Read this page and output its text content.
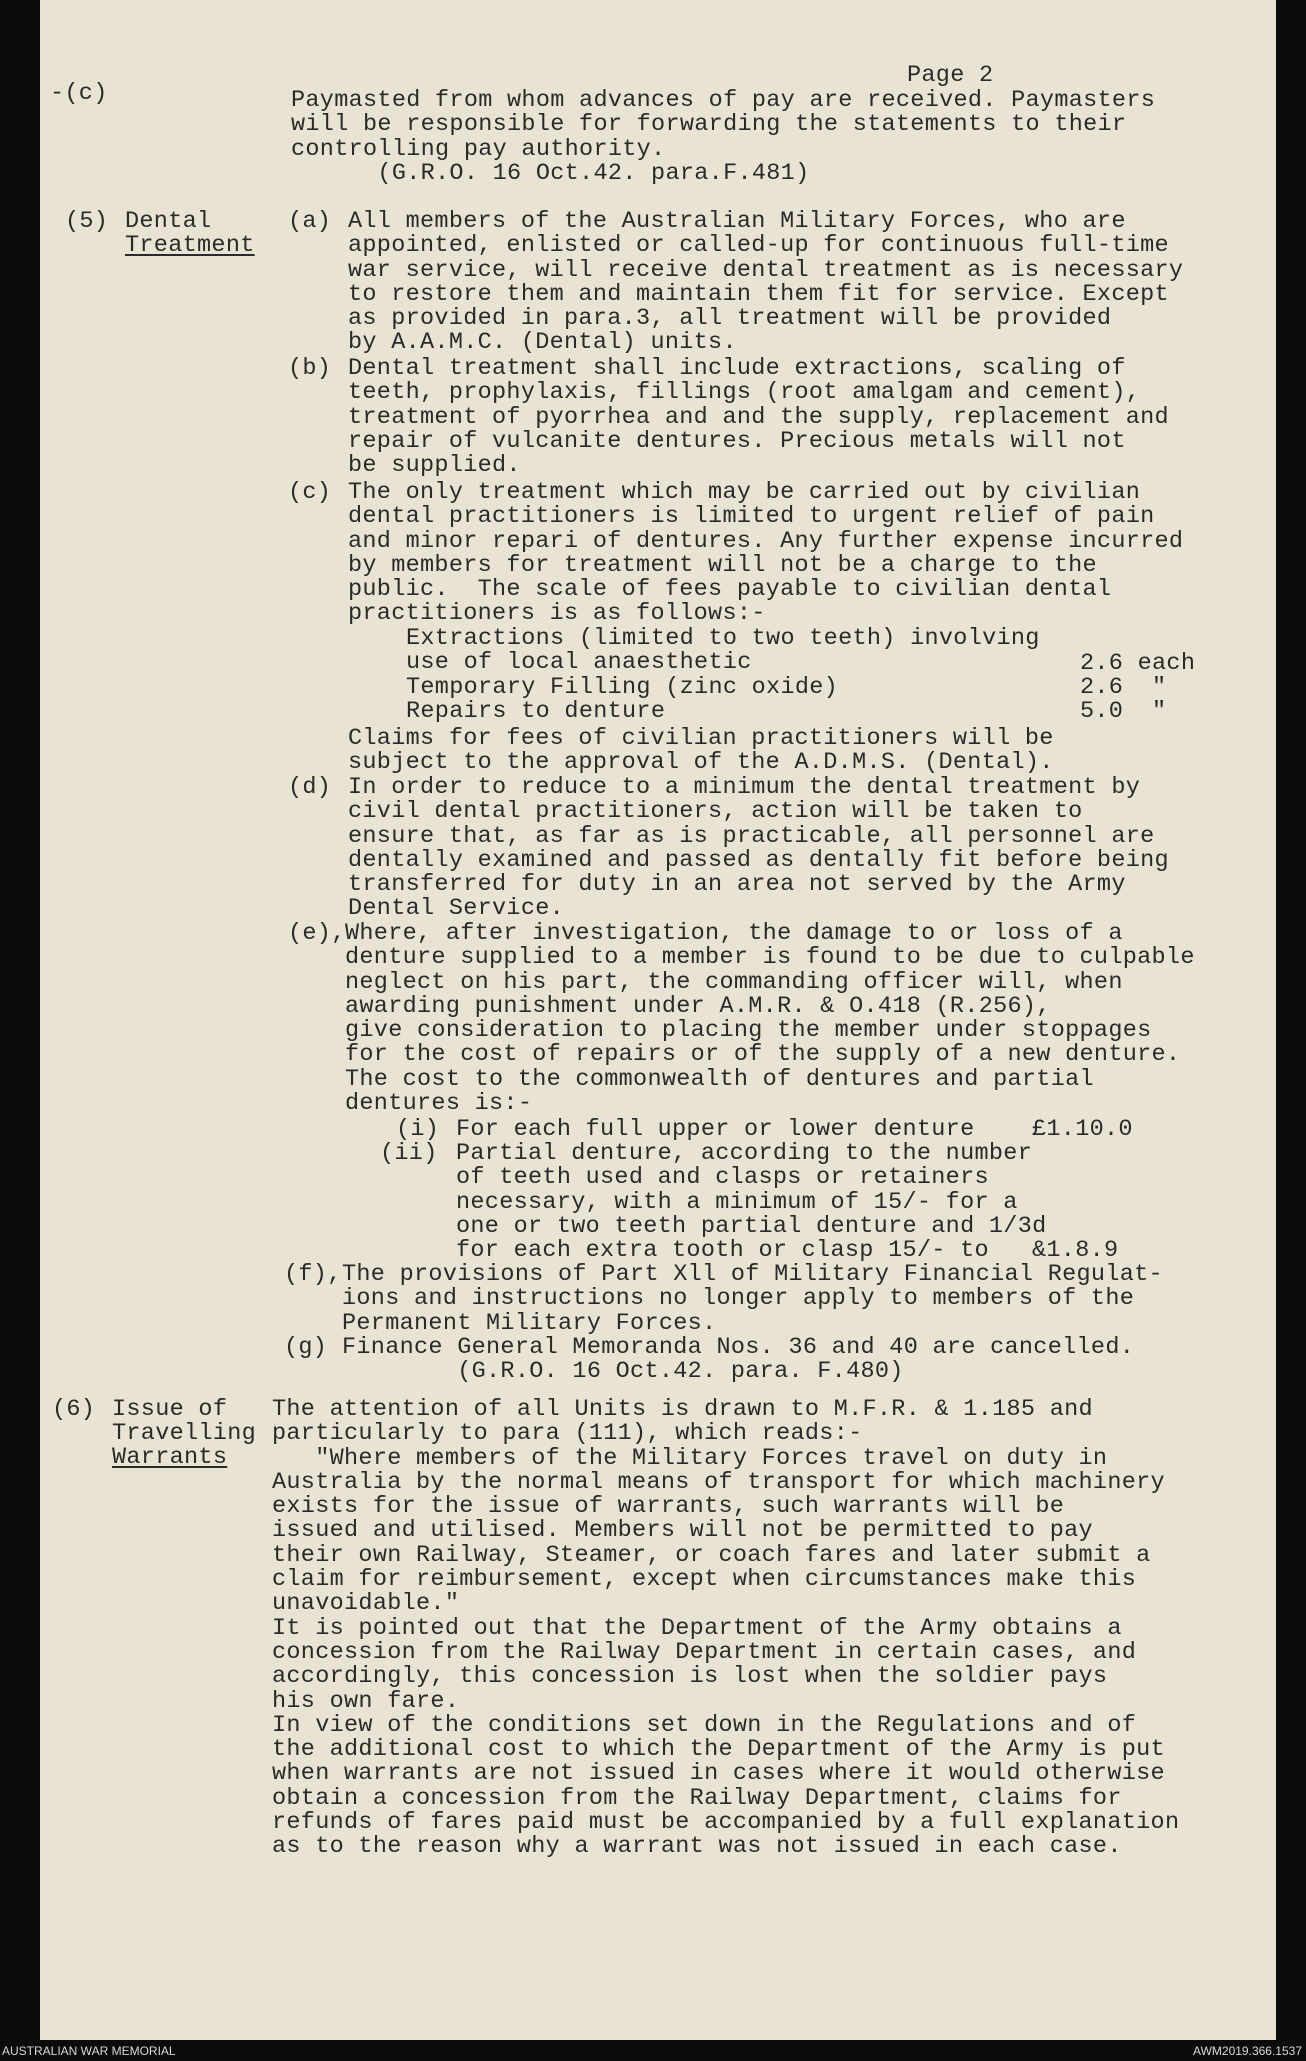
Page 2
-(c)	Paymasted from whom advances of pay are received. Paymasters
will be responsible for forwarding the statements to their
controlling pay authority.
(G.R.O. 16 Oct.42. para.F.481)
(5) Dental
Treatment
(a) All members of the Australian Military Forces, who are
appointed, enlisted or called-up for continuous full-time
war service, will receive dental treatment as is necessary
to restore them and maintain them fit for service. Except
as provided in para.3, all treatment will be provided
by A.A.M.C. (Dental) units.
(b) Dental treatment shall include extractions, scaling of
teeth, prophylaxis, fillings (root amalgam and cement),
treatment of pyorrhea and and the supply, replacement and
repair of vulcanite dentures. Precious metals will not
be supplied.
(c) The only treatment which may be carried out by civilian
dental practitioners is limited to urgent relief of pain
and minor repari of dentures. Any further expense incurred
by members for treatment will not be a charge to the
public.  The scale of fees payable to civilian dental
practitioners is as follows:-
Extractions (limited to two teeth) involving
use of local anaesthetic	2.6 each
Temporary Filling (zinc oxide)	2.6  "
Repairs to denture	5.0  "
Claims for fees of civilian practitioners will be
subject to the approval of the A.D.M.S. (Dental).
(d) In order to reduce to a minimum the dental treatment by
civil dental practitioners, action will be taken to
ensure that, as far as is practicable, all personnel are
dentally examined and passed as dentally fit before being
transferred for duty in an area not served by the Army
Dental Service.
(e), Where, after investigation, the damage to or loss of a
denture supplied to a member is found to be due to culpable
neglect on his part, the commanding officer will, when
awarding punishment under A.M.R. & O.418 (R.256),
give consideration to placing the member under stoppages
for the cost of repairs or of the supply of a new denture.
The cost to the commonwealth of dentures and partial
dentures is:-
(i) For each full upper or lower denture £1.10.0
(ii) Partial denture, according to the number
of teeth used and clasps or retainers
necessary, with a minimum of 15/- for a
one or two teeth partial denture and 1/3d
for each extra tooth or clasp 15/- to	&1.8.9
(f), The provisions of Part Xll of Military Financial Regulat-
ions and instructions no longer apply to members of the
Permanent Military Forces.
(g) Finance General Memoranda Nos. 36 and 40 are cancelled.
(G.R.O. 16 Oct.42. para. F.480)
(6) Issue of
Travelling
Warrants
The attention of all Units is drawn to M.F.R. & 1.185 and
particularly to para (111), which reads:-
"Where members of the Military Forces travel on duty in
Australia by the normal means of transport for which machinery
exists for the issue of warrants, such warrants will be
issued and utilised. Members will not be permitted to pay
their own Railway, Steamer, or coach fares and later submit a
claim for reimbursement, except when circumstances make this
unavoidable."
It is pointed out that the Department of the Army obtains a
concession from the Railway Department in certain cases, and
accordingly, this concession is lost when the soldier pays
his own fare.
In view of the conditions set down in the Regulations and of
the additional cost to which the Department of the Army is put
when warrants are not issued in cases where it would otherwise
obtain a concession from the Railway Department, claims for
refunds of fares paid must be accompanied by a full explanation
as to the reason why a warrant was not issued in each case.
AUSTRALIAN WAR MEMORIAL	AWM2019.366.1537
